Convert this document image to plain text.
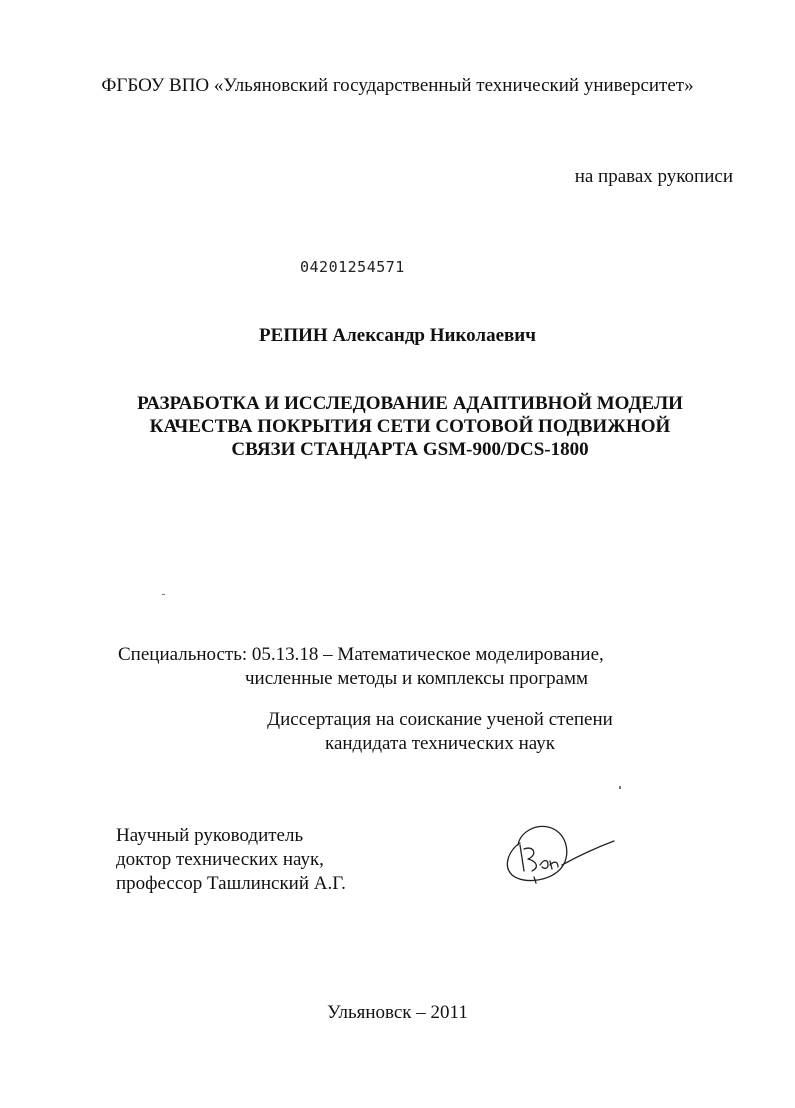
ФГБОУ ВПО «Ульяновский государственный технический университет»

на правах рукописи

04201254571

РЕПИН Александр Николаевич

РАЗРАБОТКА И ИССЛЕДОВАНИЕ АДАПТИВНОЙ МОДЕЛИ
КАЧЕСТВА ПОКРЫТИЯ СЕТИ СОТОВОЙ ПОДВИЖНОЙ
СВЯЗИ СТАНДАРТА GSM-900/DCS-1800

Специальность: 05.13.18 – Математическое моделирование,
численные методы и комплексы программ

Диссертация на соискание ученой степени
кандидата технических наук

Научный руководитель
доктор технических наук,
профессор Ташлинский А.Г.

Ульяновск – 2011
